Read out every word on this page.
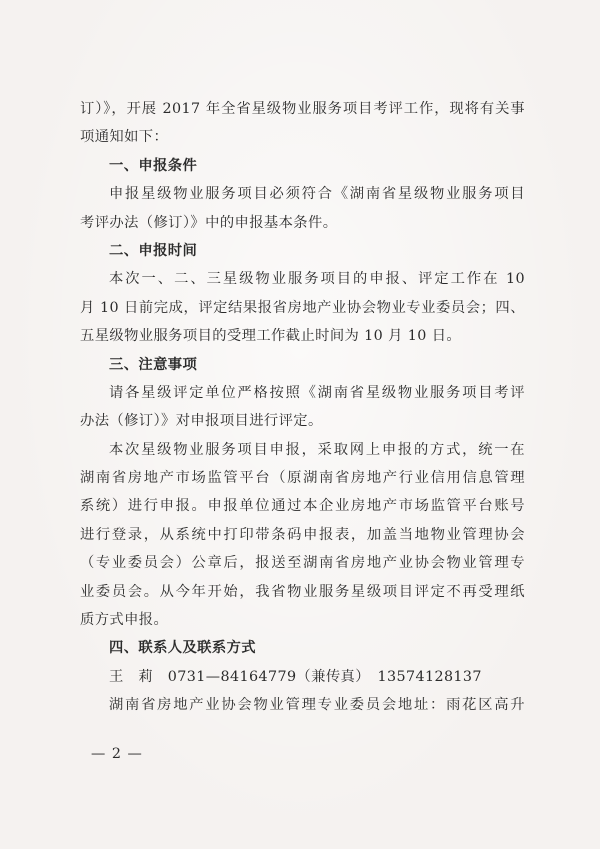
订）》，开展 2017 年全省星级物业服务项目考评工作，现将有关事
项通知如下：
一、申报条件
申报星级物业服务项目必须符合《湖南省星级物业服务项目
考评办法（修订）》中的申报基本条件。
二、申报时间
本次一、二、三星级物业服务项目的申报、评定工作在 10
月 10 日前完成，评定结果报省房地产业协会物业专业委员会；四、
五星级物业服务项目的受理工作截止时间为 10 月 10 日。
三、注意事项
请各星级评定单位严格按照《湖南省星级物业服务项目考评
办法（修订）》对申报项目进行评定。
本次星级物业服务项目申报，采取网上申报的方式，统一在
湖南省房地产市场监管平台（原湖南省房地产行业信用信息管理
系统）进行申报。申报单位通过本企业房地产市场监管平台账号
进行登录，从系统中打印带条码申报表，加盖当地物业管理协会
（专业委员会）公章后，报送至湖南省房地产业协会物业管理专
业委员会。从今年开始，我省物业服务星级项目评定不再受理纸
质方式申报。
四、联系人及联系方式
王　莉　0731—84164779（兼传真）　13574128137
湖南省房地产业协会物业管理专业委员会地址：雨花区高升
— 2 —
